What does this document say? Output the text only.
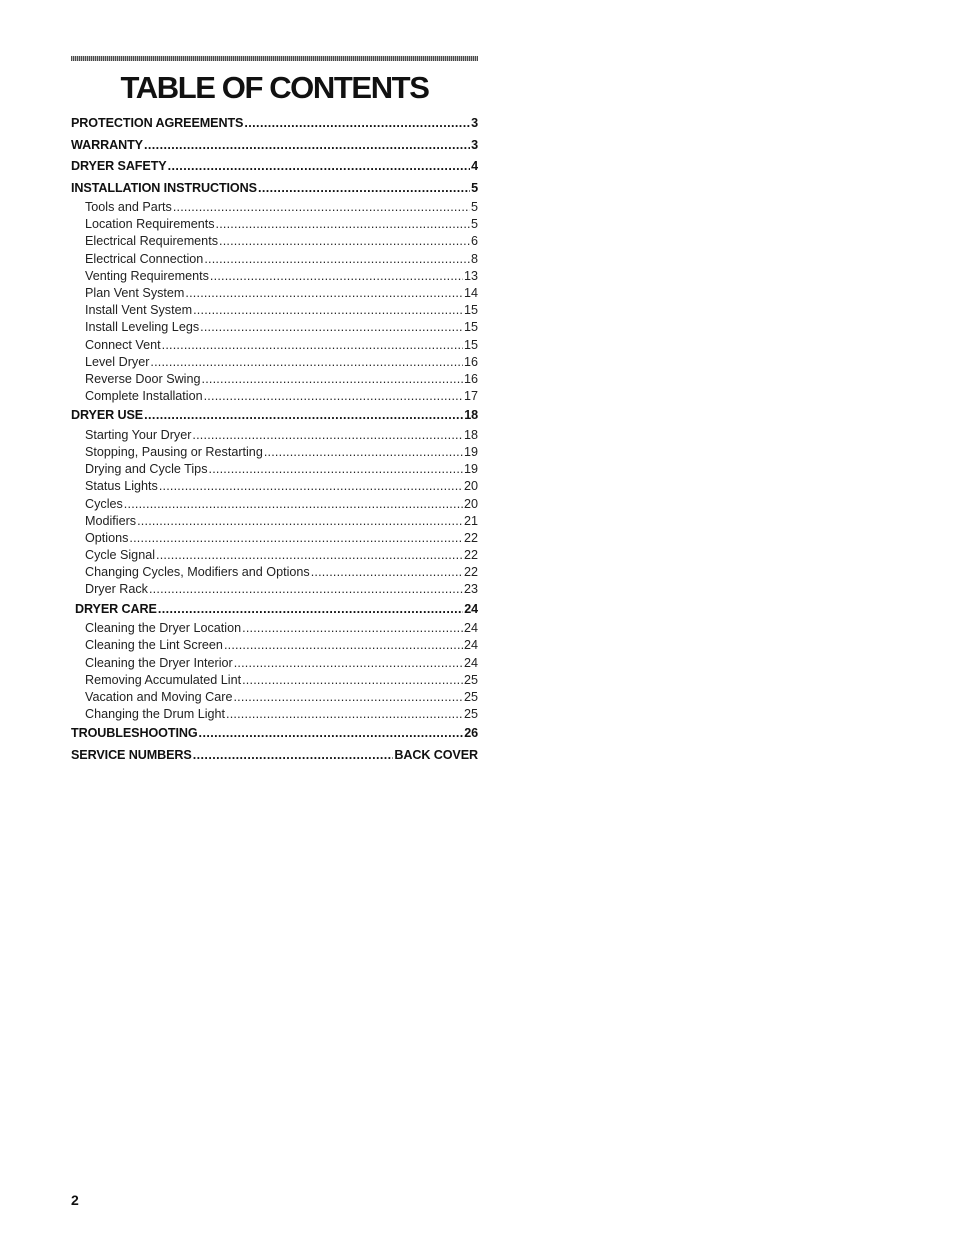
TABLE OF CONTENTS
PROTECTION AGREEMENTS .....	3
WARRANTY .....	3
DRYER SAFETY .....	4
INSTALLATION INSTRUCTIONS .....	5
Tools and Parts .....	5
Location Requirements .....	5
Electrical Requirements .....	6
Electrical Connection .....	8
Venting Requirements .....	13
Plan Vent System .....	14
Install Vent System .....	15
Install Leveling Legs .....	15
Connect Vent .....	15
Level Dryer .....	16
Reverse Door Swing .....	16
Complete Installation .....	17
DRYER USE .....	18
Starting Your Dryer .....	18
Stopping, Pausing or Restarting .....	19
Drying and Cycle Tips .....	19
Status Lights .....	20
Cycles .....	20
Modifiers .....	21
Options .....	22
Cycle Signal .....	22
Changing Cycles, Modifiers and Options .....	22
Dryer Rack .....	23
DRYER CARE .....	24
Cleaning the Dryer Location .....	24
Cleaning the Lint Screen .....	24
Cleaning the Dryer Interior .....	24
Removing Accumulated Lint .....	25
Vacation and Moving Care .....	25
Changing the Drum Light .....	25
TROUBLESHOOTING .....	26
SERVICE NUMBERS .....	BACK COVER
2
